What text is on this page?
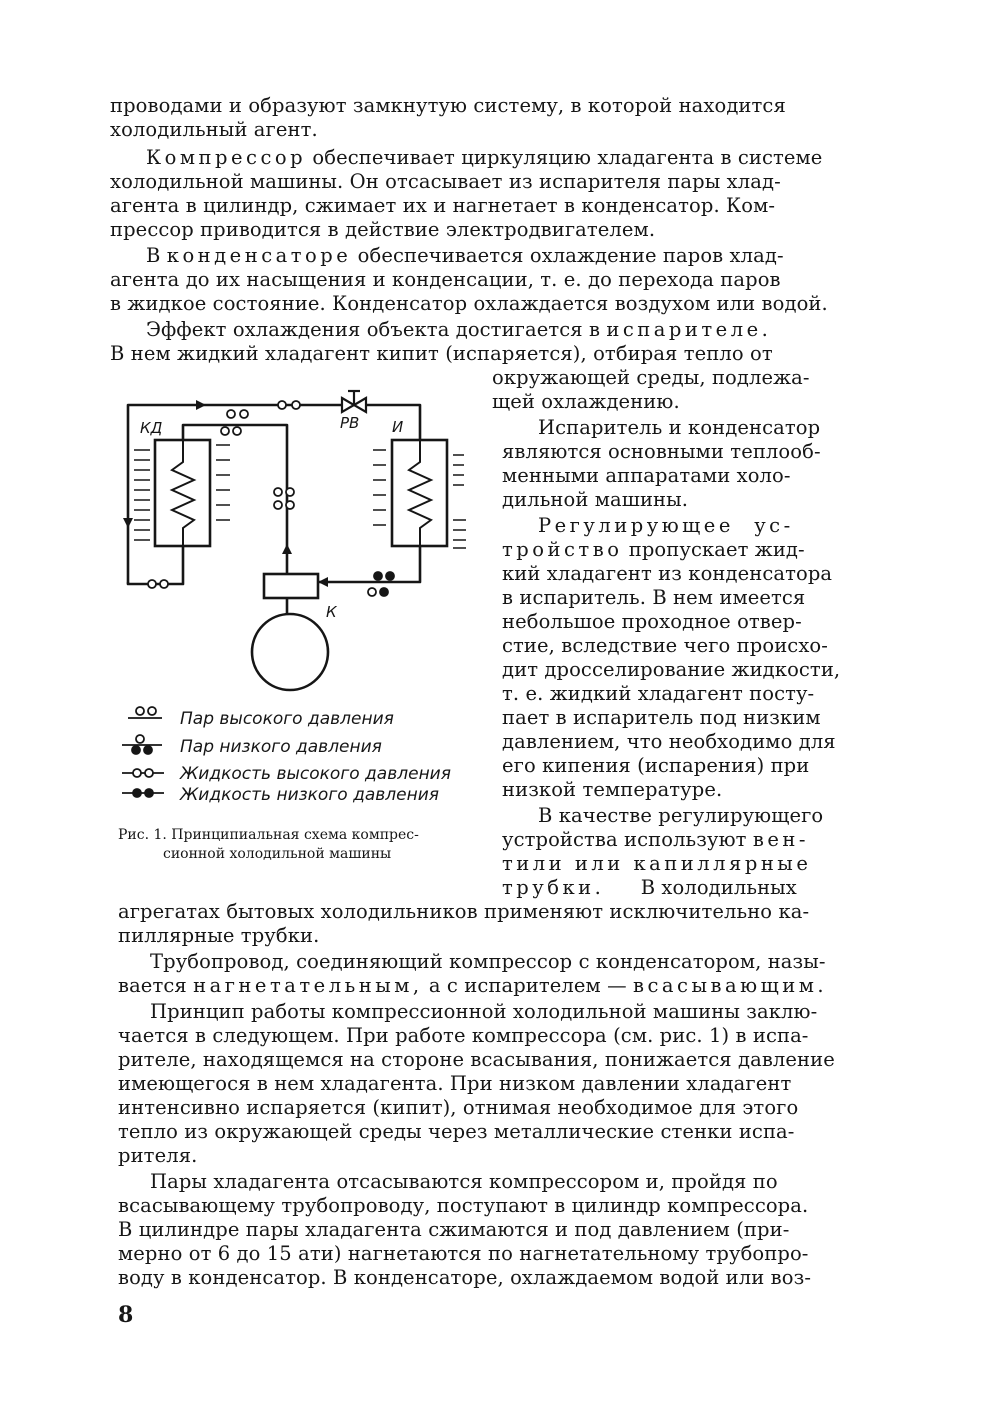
проводами и образуют замкнутую систему, в которой находится
холодильный агент.
Компрессор обеспечивает циркуляцию хладагента в системе
холодильной машины. Он отсасывает из испарителя пары хлад-
агента в цилиндр, сжимает их и нагнетает в конденсатор. Ком-
прессор приводится в действие электродвигателем.
В конденсаторе обеспечивается охлаждение паров хлад-
агента до их насыщения и конденсации, т. е. до перехода паров
в жидкое состояние. Конденсатор охлаждается воздухом или водой.
Эффект охлаждения объекта достигается в испарителе.
В нем жидкий хладагент кипит (испаряется), отбирая тепло от
окружающей среды, подлежа-
щей охлаждению.
Испаритель и конденсатор
являются основными теплооб-
менными аппаратами холо-
дильной машины.
Регулирующее ус-
тройство пропускает жид-
кий хладагент из конденсатора
в испаритель. В нем имеется
небольшое проходное отвер-
стие, вследствие чего происхо-
дит дросселирование жидкости,
т. е. жидкий хладагент посту-
пает в испаритель под низким
давлением, что необходимо для
его кипения (испарения) при
низкой температуре.
В качестве регулирующего
устройства используют вен-
тили или капиллярные
трубки. В холодильных
агрегатах бытовых холодильников применяют исключительно ка-
пиллярные трубки.
Трубопровод, соединяющий компрессор с конденсатором, назы-
вается нагнетательным, а с испарителем — всасывающим.
Принцип работы компрессионной холодильной машины заклю-
чается в следующем. При работе компрессора (см. рис. 1) в испа-
рителе, находящемся на стороне всасывания, понижается давление
имеющегося в нем хладагента. При низком давлении хладагент
интенсивно испаряется (кипит), отнимая необходимое для этого
тепло из окружающей среды через металлические стенки испа-
рителя.
Пары хладагента отсасываются компрессором и, пройдя по
всасывающему трубопроводу, поступают в цилиндр компрессора.
В цилиндре пары хладагента сжимаются и под давлением (при-
мерно от 6 до 15 ати) нагнетаются по нагнетательному трубопро-
воду в конденсатор. В конденсаторе, охлаждаемом водой или воз-
КД	РВ И
К
Пар высокого давления
Пар низкого давления
Жидкость высокого давления
Жидкость низкого давления
Рис. 1. Принципиальная схема компрес-
сионной холодильной машины
8
